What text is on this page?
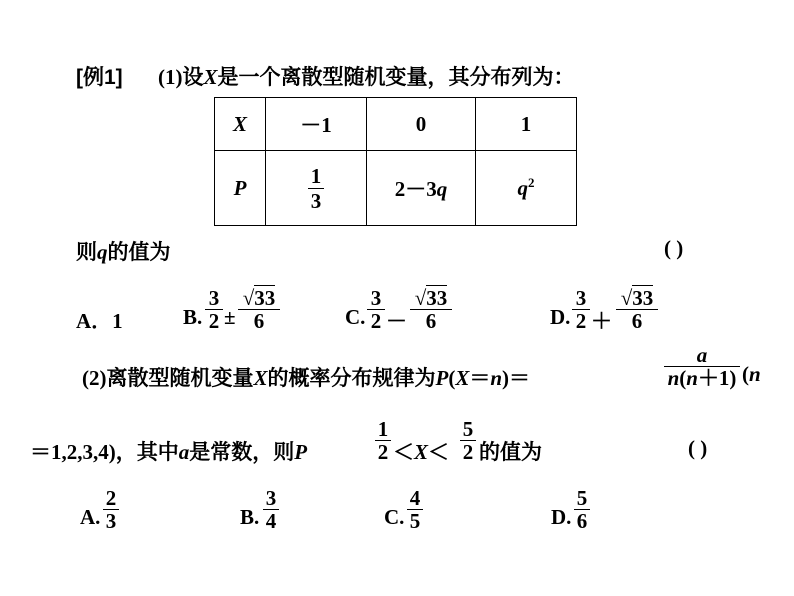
[例1] (1)设X是一个离散型随机变量，其分布列为：
X	－1	0	1
P	$\frac{1}{3}$	2－3q	$q^2$
则q的值为	( )
A．1	B.
3
2 ±
√33
6	C.
3
2 －
√33
6	D.
3
2 ＋
√33
6
(2)离散型随机变量X的概率分布规律为P(X＝n)＝
a
n(n＋1) (n
＝1,2,3,4)，其中a是常数，则P
1
2 ＜X＜
5
2 的值为	( )
A.
2
3	B.
3
4	C.
4
5	D.
5
6
